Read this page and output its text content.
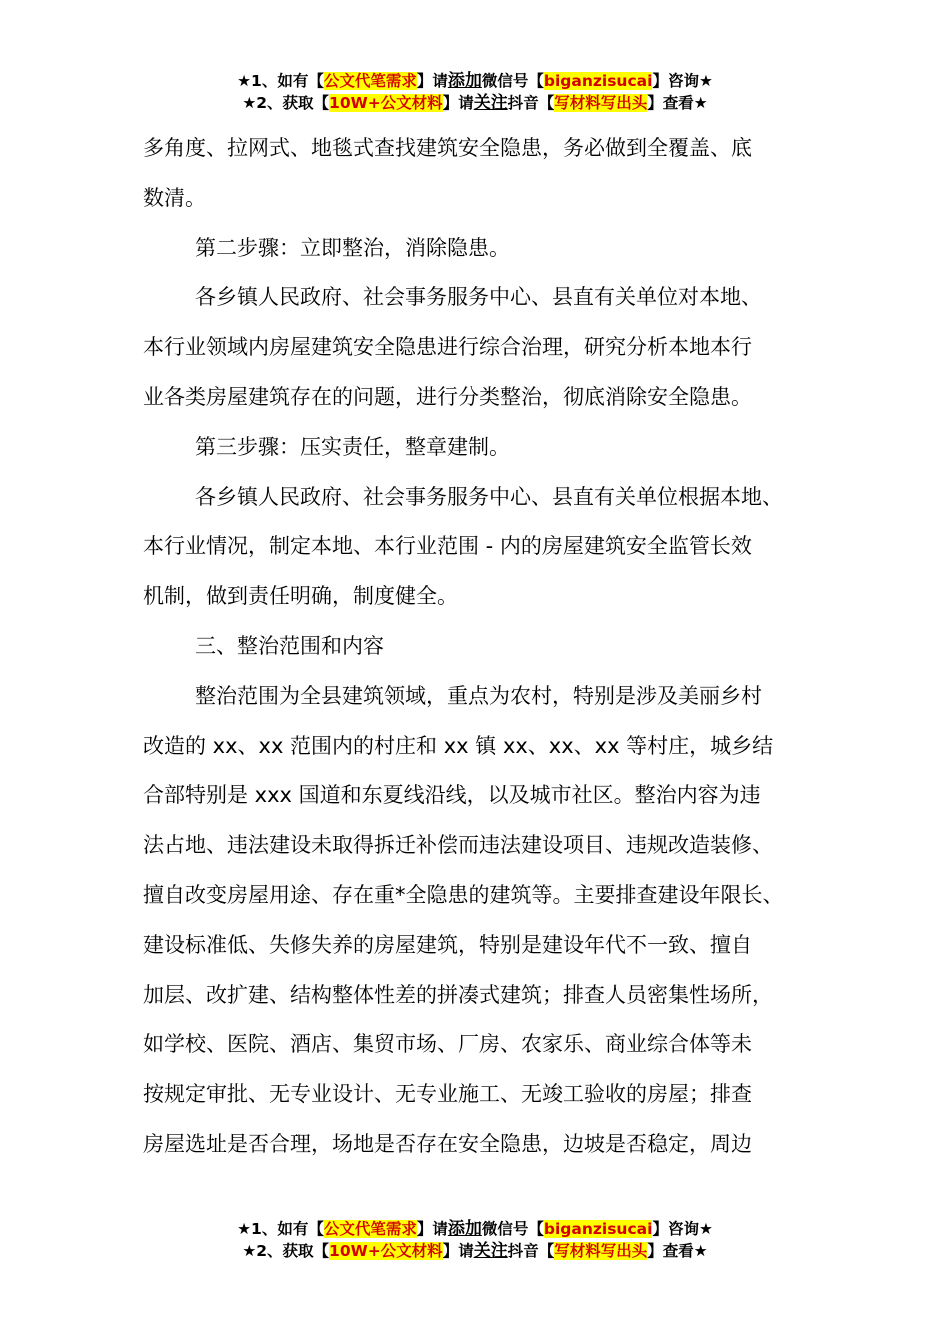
★1、如有【公文代笔需求】请添加微信号【biganzisucai】咨询★
★2、获取【10W+公文材料】请关注抖音【写材料写出头】查看★
多角度、拉网式、地毯式查找建筑安全隐患，务必做到全覆盖、底
数清。
第二步骤：立即整治，消除隐患。
各乡镇人民政府、社会事务服务中心、县直有关单位对本地、
本行业领域内房屋建筑安全隐患进行综合治理，研究分析本地本行
业各类房屋建筑存在的问题，进行分类整治，彻底消除安全隐患。
第三步骤：压实责任，整章建制。
各乡镇人民政府、社会事务服务中心、县直有关单位根据本地、
本行业情况，制定本地、本行业范围 - 内的房屋建筑安全监管长效
机制，做到责任明确，制度健全。
三、整治范围和内容
整治范围为全县建筑领域，重点为农村，特别是涉及美丽乡村
改造的 xx、xx 范围内的村庄和 xx 镇 xx、xx、xx 等村庄，城乡结
合部特别是 xxx 国道和东夏线沿线，以及城市社区。整治内容为违
法占地、违法建设未取得拆迁补偿而违法建设项目、违规改造装修、
擅自改变房屋用途、存在重*全隐患的建筑等。主要排查建设年限长、
建设标准低、失修失养的房屋建筑，特别是建设年代不一致、擅自
加层、改扩建、结构整体性差的拼凑式建筑；排查人员密集性场所，
如学校、医院、酒店、集贸市场、厂房、农家乐、商业综合体等未
按规定审批、无专业设计、无专业施工、无竣工验收的房屋；排查
房屋选址是否合理，场地是否存在安全隐患，边坡是否稳定，周边
★1、如有【公文代笔需求】请添加微信号【biganzisucai】咨询★
★2、获取【10W+公文材料】请关注抖音【写材料写出头】查看★
